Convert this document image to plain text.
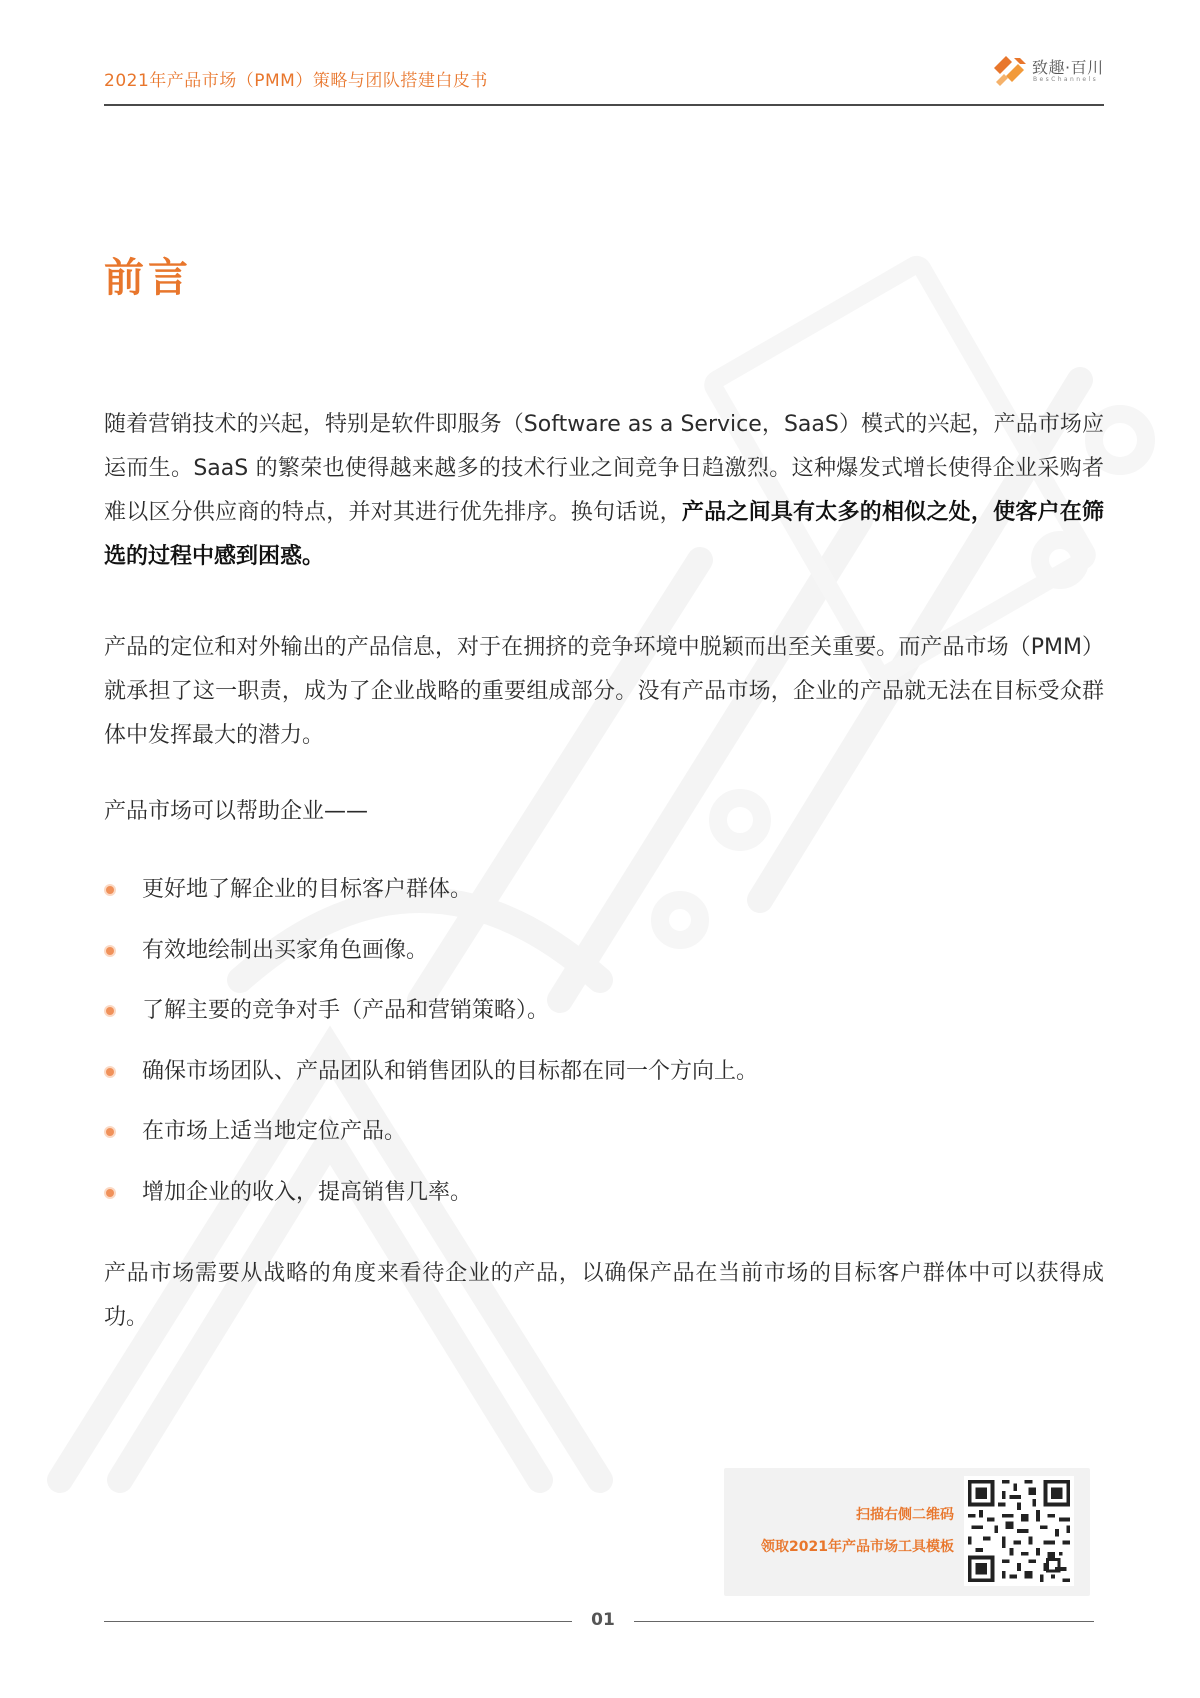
2021年产品市场（PMM）策略与团队搭建白皮书
致趣·百川
BesChannels
前言

随着营销技术的兴起，特别是软件即服务（Software as a Service，SaaS）模式的兴起，产品市场应运而生。SaaS 的繁荣也使得越来越多的技术行业之间竞争日趋激烈。这种爆发式增长使得企业采购者难以区分供应商的特点，并对其进行优先排序。换句话说，产品之间具有太多的相似之处，使客户在筛选的过程中感到困惑。

产品的定位和对外输出的产品信息，对于在拥挤的竞争环境中脱颖而出至关重要。而产品市场（PMM）就承担了这一职责，成为了企业战略的重要组成部分。没有产品市场，企业的产品就无法在目标受众群体中发挥最大的潜力。

产品市场可以帮助企业——
更好地了解企业的目标客户群体。
有效地绘制出买家角色画像。
了解主要的竞争对手（产品和营销策略）。
确保市场团队、产品团队和销售团队的目标都在同一个方向上。
在市场上适当地定位产品。
增加企业的收入，提高销售几率。

产品市场需要从战略的角度来看待企业的产品，以确保产品在当前市场的目标客户群体中可以获得成功。

扫描右侧二维码
领取2021年产品市场工具模板
01
